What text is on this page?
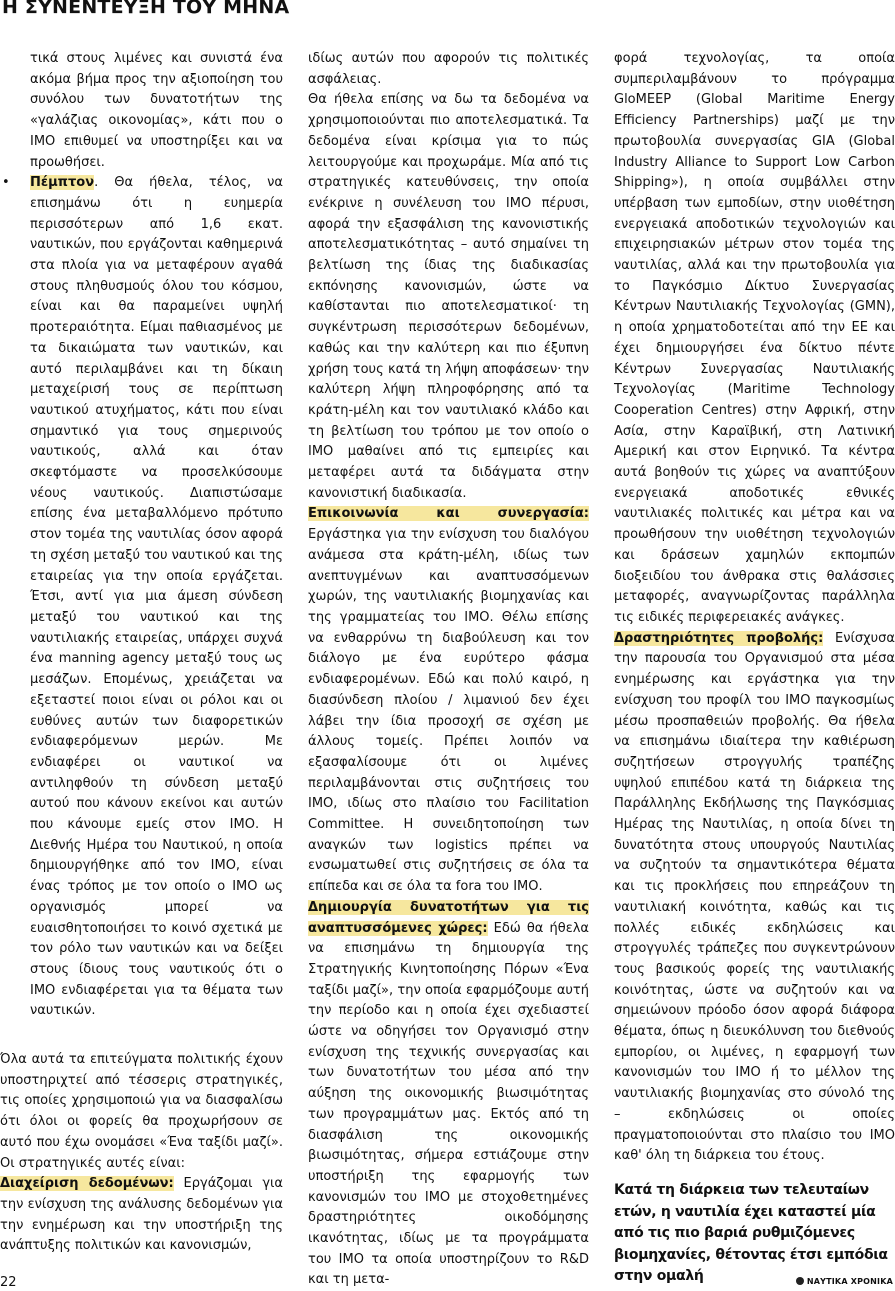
Η ΣΥΝΕΝΤΕΥΞΗ ΤΟΥ ΜΗΝΑ

τικά στους λιμένες και συνιστά ένα ακόμα βήμα προς την αξιοποίηση του συνόλου των δυνατοτήτων της «γαλάζιας οικονομίας», κάτι που ο ΙΜΟ επιθυμεί να υποστηρίξει και να προωθήσει.

• Πέμπτον. Θα ήθελα, τέλος, να επισημάνω ότι η ευημερία περισσότερων από 1,6 εκατ. ναυτικών, που εργάζονται καθημερινά στα πλοία για να μεταφέρουν αγαθά στους πληθυσμούς όλου του κόσμου, είναι και θα παραμείνει υψηλή προτεραιότητα. Είμαι παθιασμένος με τα δικαιώματα των ναυτικών, και αυτό περιλαμβάνει και τη δίκαιη μεταχείρισή τους σε περίπτωση ναυτικού ατυχήματος, κάτι που είναι σημαντικό για τους σημερινούς ναυτικούς, αλλά και όταν σκεφτόμαστε να προσελκύσουμε νέους ναυτικούς. Διαπιστώσαμε επίσης ένα μεταβαλλόμενο πρότυπο στον τομέα της ναυτιλίας όσον αφορά τη σχέση μεταξύ του ναυτικού και της εταιρείας για την οποία εργάζεται. Έτσι, αντί για μια άμεση σύνδεση μεταξύ του ναυτικού και της ναυτιλιακής εταιρείας, υπάρχει συχνά ένα manning agency μεταξύ τους ως μεσάζων. Επομένως, χρειάζεται να εξεταστεί ποιοι είναι οι ρόλοι και οι ευθύνες αυτών των διαφορετικών ενδιαφερόμενων μερών. Με ενδιαφέρει οι ναυτικοί να αντιληφθούν τη σύνδεση μεταξύ αυτού που κάνουν εκείνοι και αυτών που κάνουμε εμείς στον ΙΜΟ. Η Διεθνής Ημέρα του Ναυτικού, η οποία δημιουργήθηκε από τον ΙΜΟ, είναι ένας τρόπος με τον οποίο ο ΙΜΟ ως οργανισμός μπορεί να ευαισθητοποιήσει το κοινό σχετικά με τον ρόλο των ναυτικών και να δείξει στους ίδιους τους ναυτικούς ότι ο ΙΜΟ ενδιαφέρεται για τα θέματα των ναυτικών.

Όλα αυτά τα επιτεύγματα πολιτικής έχουν υποστηριχτεί από τέσσερις στρατηγικές, τις οποίες χρησιμοποιώ για να διασφαλίσω ότι όλοι οι φορείς θα προχωρήσουν σε αυτό που έχω ονομάσει «Ένα ταξίδι μαζί». Οι στρατηγικές αυτές είναι:

Διαχείριση δεδομένων: Εργάζομαι για την ενίσχυση της ανάλυσης δεδομένων για την ενημέρωση και την υποστήριξη της ανάπτυξης πολιτικών και κανονισμών,

ιδίως αυτών που αφορούν τις πολιτικές ασφάλειας.

Θα ήθελα επίσης να δω τα δεδομένα να χρησιμοποιούνται πιο αποτελεσματικά. Τα δεδομένα είναι κρίσιμα για το πώς λειτουργούμε και προχωράμε. Μία από τις στρατηγικές κατευθύνσεις, την οποία ενέκρινε η συνέλευση του ΙΜΟ πέρυσι, αφορά την εξασφάλιση της κανονιστικής αποτελεσματικότητας – αυτό σημαίνει τη βελτίωση της ίδιας της διαδικασίας εκπόνησης κανονισμών, ώστε να καθίστανται πιο αποτελεσματικοί· τη συγκέντρωση περισσότερων δεδομένων, καθώς και την καλύτερη και πιο έξυπνη χρήση τους κατά τη λήψη αποφάσεων· την καλύτερη λήψη πληροφόρησης από τα κράτη-μέλη και τον ναυτιλιακό κλάδο και τη βελτίωση του τρόπου με τον οποίο ο ΙΜΟ μαθαίνει από τις εμπειρίες και μεταφέρει αυτά τα διδάγματα στην κανονιστική διαδικασία.

Επικοινωνία και συνεργασία: Εργάστηκα για την ενίσχυση του διαλόγου ανάμεσα στα κράτη-μέλη, ιδίως των ανεπτυγμένων και αναπτυσσόμενων χωρών, της ναυτιλιακής βιομηχανίας και της γραμματείας του ΙΜΟ. Θέλω επίσης να ενθαρρύνω τη διαβούλευση και τον διάλογο με ένα ευρύτερο φάσμα ενδιαφερομένων. Εδώ και πολύ καιρό, η διασύνδεση πλοίου / λιμανιού δεν έχει λάβει την ίδια προσοχή σε σχέση με άλλους τομείς. Πρέπει λοιπόν να εξασφαλίσουμε ότι οι λιμένες περιλαμβάνονται στις συζητήσεις του ΙΜΟ, ιδίως στο πλαίσιο του Facilitation Committee. Η συνειδητοποίηση των αναγκών των logistics πρέπει να ενσωματωθεί στις συζητήσεις σε όλα τα επίπεδα και σε όλα τα fora του ΙΜΟ.

Δημιουργία δυνατοτήτων για τις αναπτυσσόμενες χώρες: Εδώ θα ήθελα να επισημάνω τη δημιουργία της Στρατηγικής Κινητοποίησης Πόρων «Ένα ταξίδι μαζί», την οποία εφαρμόζουμε αυτή την περίοδο και η οποία έχει σχεδιαστεί ώστε να οδηγήσει τον Οργανισμό στην ενίσχυση της τεχνικής συνεργασίας και των δυνατοτήτων του μέσα από την αύξηση της οικονομικής βιωσιμότητας των προγραμμάτων μας. Εκτός από τη διασφάλιση της οικονομικής βιωσιμότητας, σήμερα εστιάζουμε στην υποστήριξη της εφαρμογής των κανονισμών του ΙΜΟ με στοχοθετημένες δραστηριότητες οικοδόμησης ικανότητας, ιδίως με τα προγράμματα του ΙΜΟ τα οποία υποστηρίζουν το R&D και τη μετα-

φορά τεχνολογίας, τα οποία συμπεριλαμβάνουν το πρόγραμμα GloMEEP (Global Maritime Energy Efficiency Partnerships) μαζί με την πρωτοβουλία συνεργασίας GIA (Global Industry Alliance to Support Low Carbon Shipping»), η οποία συμβάλλει στην υπέρβαση των εμποδίων, στην υιοθέτηση ενεργειακά αποδοτικών τεχνολογιών και επιχειρησιακών μέτρων στον τομέα της ναυτιλίας, αλλά και την πρωτοβουλία για το Παγκόσμιο Δίκτυο Συνεργασίας Κέντρων Ναυτιλιακής Τεχνολογίας (GMN), η οποία χρηματοδοτείται από την ΕΕ και έχει δημιουργήσει ένα δίκτυο πέντε Κέντρων Συνεργασίας Ναυτιλιακής Τεχνολογίας (Maritime Technology Cooperation Centres) στην Αφρική, στην Ασία, στην Καραϊβική, στη Λατινική Αμερική και στον Ειρηνικό. Τα κέντρα αυτά βοηθούν τις χώρες να αναπτύξουν ενεργειακά αποδοτικές εθνικές ναυτιλιακές πολιτικές και μέτρα και να προωθήσουν την υιοθέτηση τεχνολογιών και δράσεων χαμηλών εκπομπών διοξειδίου του άνθρακα στις θαλάσσιες μεταφορές, αναγνωρίζοντας παράλληλα τις ειδικές περιφερειακές ανάγκες.

Δραστηριότητες προβολής: Ενίσχυσα την παρουσία του Οργανισμού στα μέσα ενημέρωσης και εργάστηκα για την ενίσχυση του προφίλ του ΙΜΟ παγκοσμίως μέσω προσπαθειών προβολής. Θα ήθελα να επισημάνω ιδιαίτερα την καθιέρωση συζητήσεων στρογγυλής τραπέζης υψηλού επιπέδου κατά τη διάρκεια της Παράλληλης Εκδήλωσης της Παγκόσμιας Ημέρας της Ναυτιλίας, η οποία δίνει τη δυνατότητα στους υπουργούς Ναυτιλίας να συζητούν τα σημαντικότερα θέματα και τις προκλήσεις που επηρεάζουν τη ναυτιλιακή κοινότητα, καθώς και τις πολλές ειδικές εκδηλώσεις και στρογγυλές τράπεζες που συγκεντρώνουν τους βασικούς φορείς της ναυτιλιακής κοινότητας, ώστε να συζητούν και να σημειώνουν πρόοδο όσον αφορά διάφορα θέματα, όπως η διευκόλυνση του διεθνούς εμπορίου, οι λιμένες, η εφαρμογή των κανονισμών του ΙΜΟ ή το μέλλον της ναυτιλιακής βιομηχανίας στο σύνολό της – εκδηλώσεις οι οποίες πραγματοποιούνται στο πλαίσιο του ΙΜΟ καθ' όλη τη διάρκεια του έτους.

Κατά τη διάρκεια των τελευταίων ετών, η ναυτιλία έχει καταστεί μία από τις πιο βαριά ρυθμιζόμενες βιομηχανίες, θέτοντας έτσι εμπόδια στην ομαλή
22	ΝΑΥΤΙΚΑ ΧΡΟΝΙΚΑ
